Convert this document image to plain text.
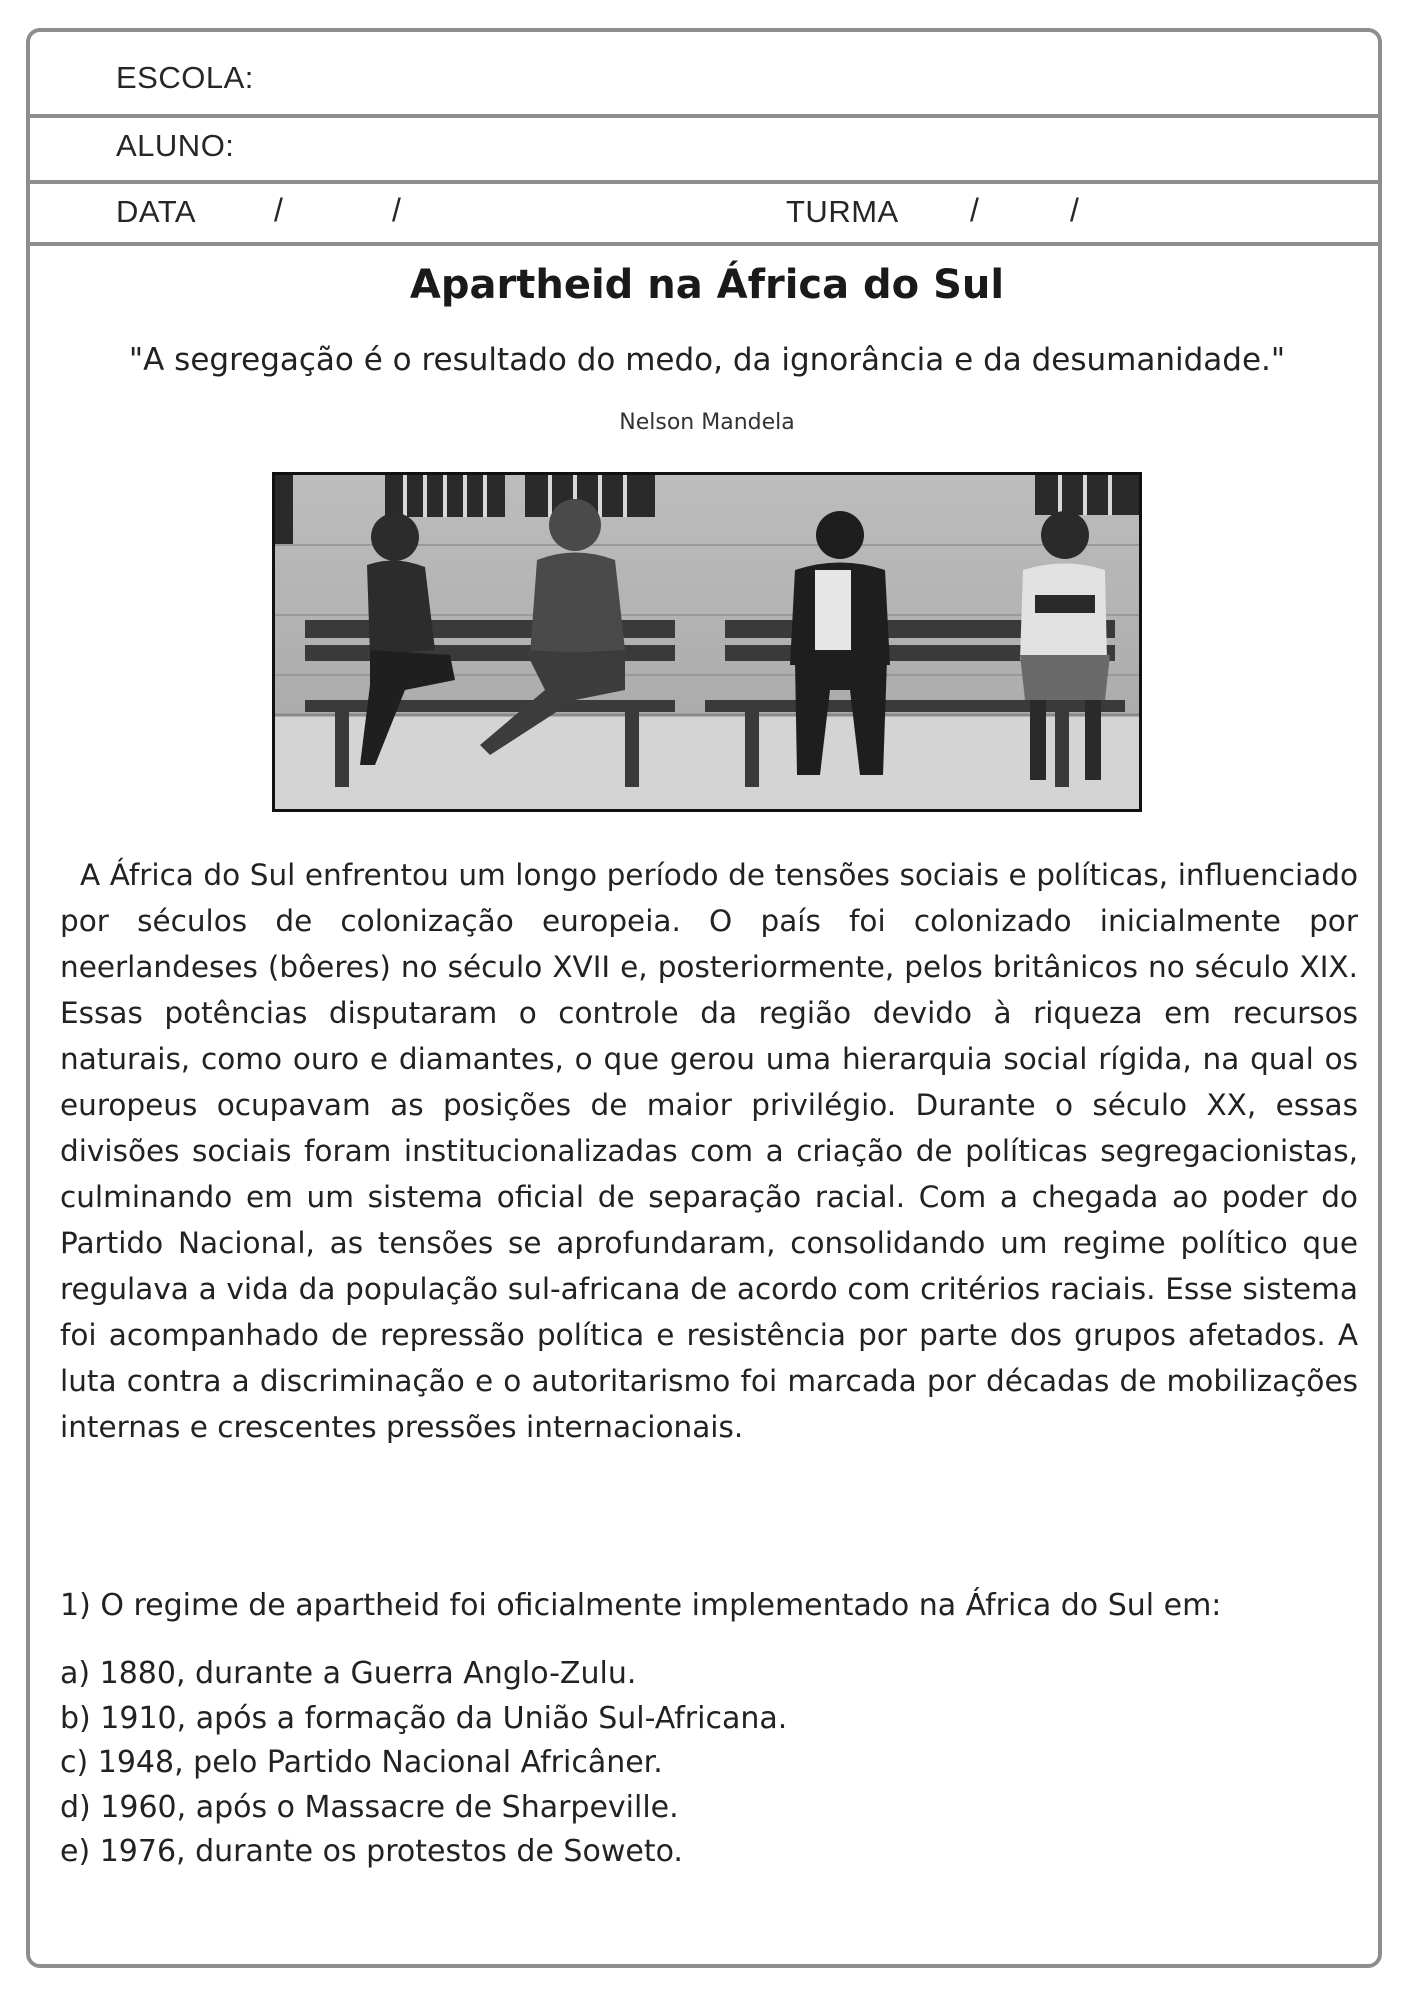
ESCOLA:
ALUNO:
DATA /	/	TURMA /	/
Apartheid na África do Sul
"A segregação é o resultado do medo, da ignorância e da desumanidade."
Nelson Mandela

A África do Sul enfrentou um longo período de tensões sociais e políticas, influenciado por séculos de colonização europeia. O país foi colonizado inicialmente por neerlandeses (bôeres) no século XVII e, posteriormente, pelos britânicos no século XIX. Essas potências disputaram o controle da região devido à riqueza em recursos naturais, como ouro e diamantes, o que gerou uma hierarquia social rígida, na qual os europeus ocupavam as posições de maior privilégio. Durante o século XX, essas divisões sociais foram institucionalizadas com a criação de políticas segregacionistas, culminando em um sistema oficial de separação racial. Com a chegada ao poder do Partido Nacional, as tensões se aprofundaram, consolidando um regime político que regulava a vida da população sul-africana de acordo com critérios raciais. Esse sistema foi acompanhado de repressão política e resistência por parte dos grupos afetados. A luta contra a discriminação e o autoritarismo foi marcada por décadas de mobilizações internas e crescentes pressões internacionais.

1) O regime de apartheid foi oficialmente implementado na África do Sul em:
a) 1880, durante a Guerra Anglo-Zulu.
b) 1910, após a formação da União Sul-Africana.
c) 1948, pelo Partido Nacional Africâner.
d) 1960, após o Massacre de Sharpeville.
e) 1976, durante os protestos de Soweto.
